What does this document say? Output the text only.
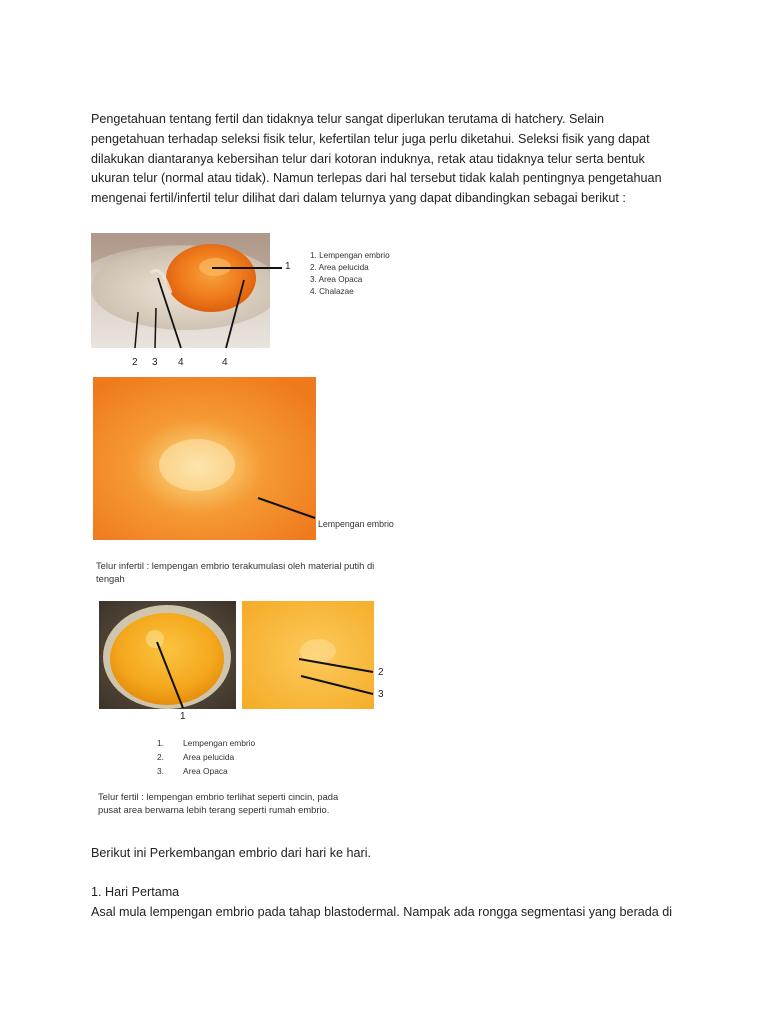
Pengetahuan tentang fertil dan tidaknya telur sangat diperlukan terutama di hatchery. Selain
pengetahuan terhadap seleksi fisik telur, kefertilan telur juga perlu diketahui. Seleksi fisik yang dapat
dilakukan diantaranya kebersihan telur dari kotoran induknya, retak atau tidaknya telur serta bentuk
ukuran telur (normal atau tidak). Namun terlepas dari hal tersebut tidak kalah pentingnya pengetahuan
mengenai fertil/infertil telur dilihat dari dalam telurnya yang dapat dibandingkan sebagai berikut :

1
2 3 4	4
1. Lempengan embrio
2. Area pelucida
3. Area Opaca
4. Chalazae
Lempengan embrio
Telur infertil : lempengan embrio terakumulasi oleh material putih di
tengah
1
2
3
1. Lempengan embrio
2. Area pelucida
3. Area Opaca
Telur fertil : lempengan embrio terlihat seperti cincin, pada
pusat area berwarna lebih terang seperti rumah embrio.
Berikut ini Perkembangan embrio dari hari ke hari.
1. Hari Pertama
Asal mula lempengan embrio pada tahap blastodermal. Nampak ada rongga segmentasi yang berada di
